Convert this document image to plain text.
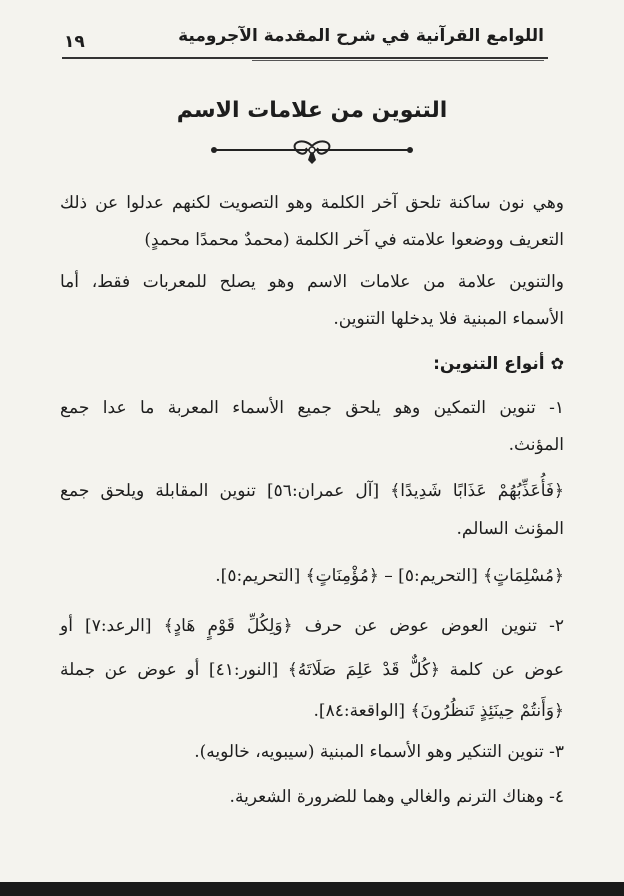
اللوامع القرآنية في شرح المقدمة الآجرومية
١٩
التنوين من علامات الاسم
وهي نون ساكنة تلحق آخر الكلمة وهو التصويت لكنهم عدلوا عن ذلك
التعريف ووضعوا علامته في آخر الكلمة (محمدٌ محمدًا محمدٍ)
والتنوين علامة من علامات الاسم وهو يصلح للمعربات فقط، أما
الأسماء المبنية فلا يدخلها التنوين.
✿أنواع التنوين:
١- تنوين التمكين وهو يلحق جميع الأسماء المعربة ما عدا جمع
المؤنث.
﴿فَأُعَذِّبُهُمْ عَذَابًا شَدِيدًا﴾ [آل عمران:٥٦] تنوين المقابلة ويلحق جمع
المؤنث السالم.
﴿مُسْلِمَاتٍ﴾ [التحريم:٥] – ﴿مُؤْمِنَاتٍ﴾ [التحريم:٥].
٢- تنوين العوض عوض عن حرف ﴿وَلِكُلِّ قَوْمٍ هَادٍ﴾ [الرعد:٧] أو
عوض عن كلمة ﴿كُلٌّ قَدْ عَلِمَ صَلَاتَهُ﴾ [النور:٤١] أو عوض عن جملة
﴿وَأَنتُمْ حِينَئِذٍ تَنظُرُونَ﴾ [الواقعة:٨٤].
٣- تنوين التنكير وهو الأسماء المبنية (سيبويه، خالويه).
٤- وهناك الترنم والغالي وهما للضرورة الشعرية.
